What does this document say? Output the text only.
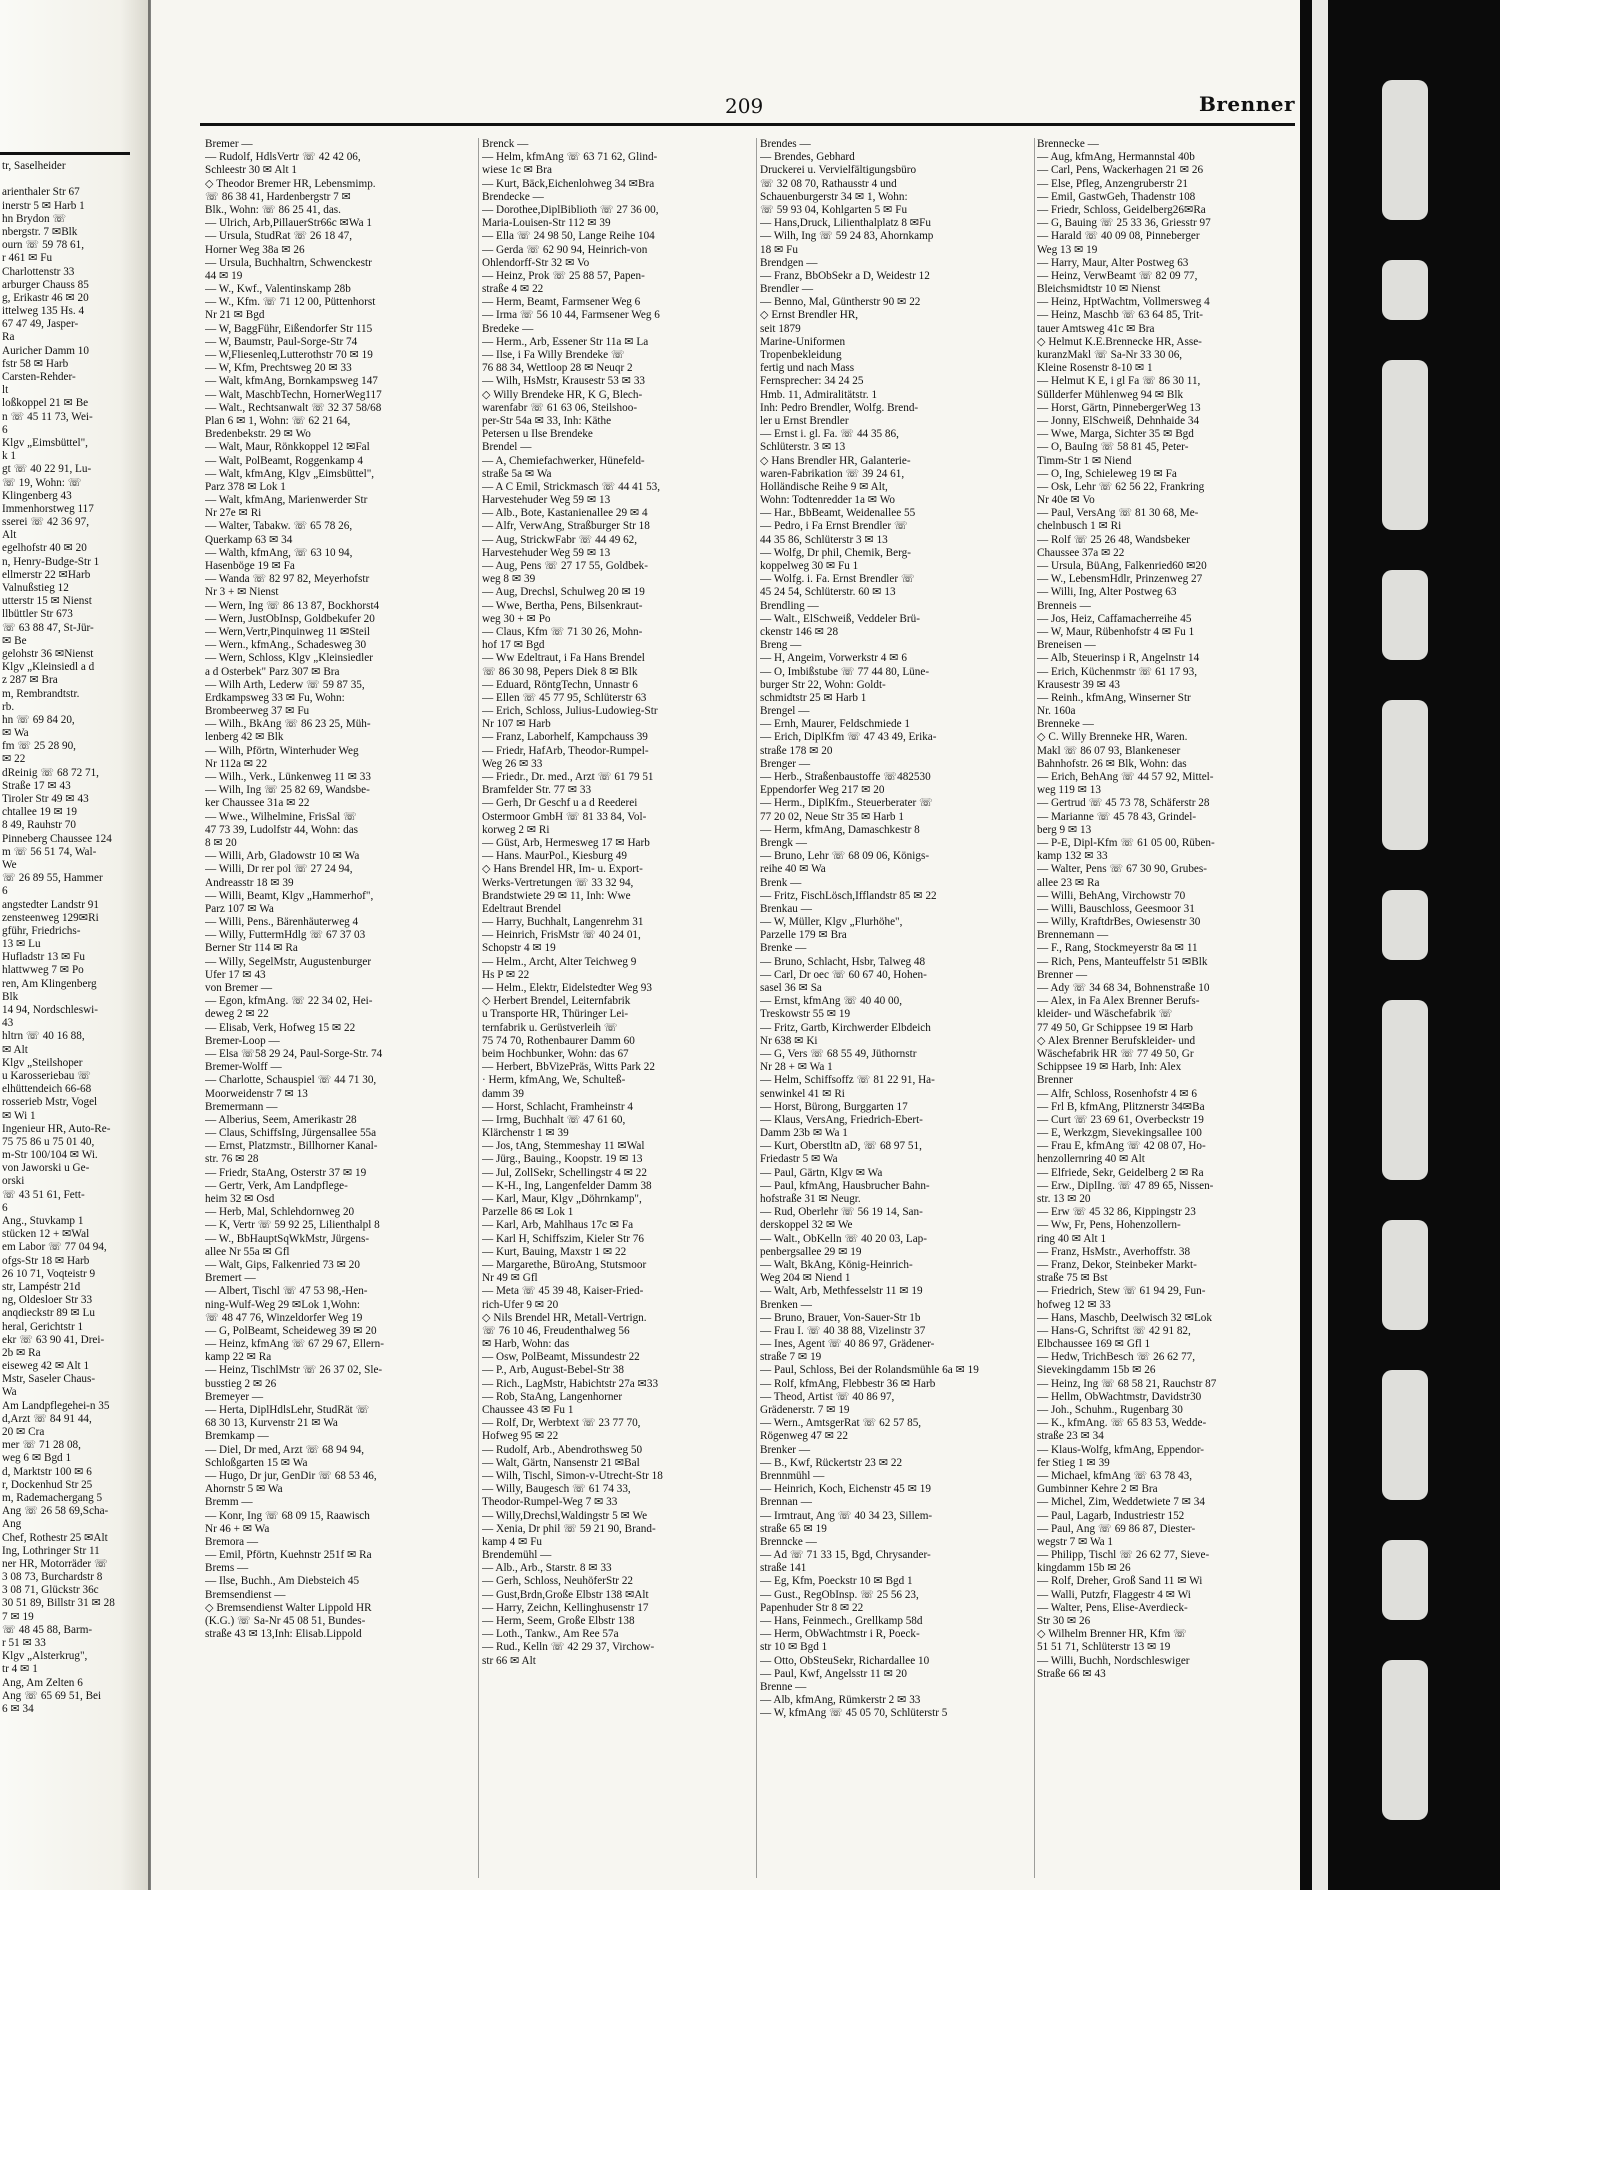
209	Brenner
tr, Saselheider
arienthaler Str 67
inerstr 5 ✉ Harb 1
hn Brydon ☏
nbergstr. 7 ✉Blk
ourn ☏ 59 78 61,
r 461 ✉ Fu
Charlottenstr 33
arburger Chauss 85
g, Erikastr 46 ✉ 20
ittelweg 135 Hs. 4
67 47 49, Jasper-
Ra
Auricher Damm 10
fstr 58 ✉ Harb
Carsten-Rehder-
lt
loßkoppel 21 ✉ Be
n ☏ 45 11 73, Wei-
6
Klgv „Eimsbüttel",
k 1
gt ☏ 40 22 91, Lu-
☏ 19, Wohn: ☏
Klingenberg 43
Immenhorstweg 117
sserei ☏ 42 36 97,
Alt
egelhofstr 40 ✉ 20
n, Henry-Budge-Str 1
ellmerstr 22 ✉Harb
Valnußstieg 12
utterstr 15 ✉ Nienst
llbüttler Str 673
☏ 63 88 47, St-Jür-
✉ Be
gelohstr 36 ✉Nienst
Klgv „Kleinsiedl a d
z 287 ✉ Bra
m, Rembrandtstr.
rb.
hn ☏ 69 84 20,
✉ Wa
fm ☏ 25 28 90,
✉ 22
dReinig ☏ 68 72 71,
Straße 17 ✉ 43
Tiroler Str 49 ✉ 43
chtallee 19 ✉ 19
8 49, Rauhstr 70
Pinneberg Chaussee 124
m ☏ 56 51 74, Wal-
We
☏ 26 89 55, Hammer
6
angstedter Landstr 91
zensteenweg 129✉Ri
gführ, Friedrichs-
13 ✉ Lu
Hufladstr 13 ✉ Fu
hlattwweg 7 ✉ Po
ren, Am Klingenberg
Blk
14 94, Nordschleswi-
43
hltrn ☏ 40 16 88,
✉ Alt
Klgv „Steilshoper
u Karosseriebau ☏
elhüttendeich 66-68
rosserieb Mstr, Vogel
✉ Wi 1
Ingenieur HR, Auto-Re-
75 75 86 u 75 01 40,
m-Str 100/104 ✉ Wi.
von Jaworski u Ge-
orski
☏ 43 51 61, Fett-
6
Ang., Stuvkamp 1
stücken 12 + ✉Wal
em Labor ☏ 77 04 94,
ofgs-Str 18 ✉ Harb
26 10 71, Voqteistr 9
str, Lampéstr 21d
ng, Oldesloer Str 33
anqdieckstr 89 ✉ Lu
heral, Gerichtstr 1
ekr ☏ 63 90 41, Drei-
2b ✉ Ra
eiseweg 42 ✉ Alt 1
Mstr, Saseler Chaus-
Wa
Am Landpflegehei-n 35
d,Arzt ☏ 84 91 44,
20 ✉ Cra
mer ☏ 71 28 08,
weg 6 ✉ Bgd 1
d, Marktstr 100 ✉ 6
r, Dockenhud Str 25
m, Rademachergang 5
Ang ☏ 26 58 69,Scha-
Ang
Chef, Rothestr 25 ✉Alt
Ing, Lothringer Str 11
ner HR, Motorräder ☏
3 08 73, Burchardstr 8
3 08 71, Glückstr 36c
30 51 89, Billstr 31 ✉ 28
7 ✉ 19
☏ 48 45 88, Barm-
r 51 ✉ 33
Klgv „Alsterkrug",
tr 4 ✉ 1
Ang, Am Zelten 6
Ang ☏ 65 69 51, Bei
6 ✉ 34
Bremer —
— Rudolf, HdlsVertr ☏ 42 42 06,
Schleestr 30 ✉ Alt 1
◇ Theodor Bremer HR, Lebensmimp.
☏ 86 38 41, Hardenbergstr 7 ✉
Blk., Wohn: ☏ 86 25 41, das.
— Ulrich, Arb,PillauerStr66c ✉Wa 1
— Ursula, StudRat ☏ 26 18 47,
Horner Weg 38a ✉ 26
— Ursula, Buchhaltrn, Schwenckestr
44 ✉ 19
— W., Kwf., Valentinskamp 28b
— W., Kfm. ☏ 71 12 00, Püttenhorst
Nr 21 ✉ Bgd
— W, BaggFühr, Eißendorfer Str 115
— W, Baumstr, Paul-Sorge-Str 74
— W,Fliesenleq,Lutterothstr 70 ✉ 19
— W, Kfm, Prechtsweg 20 ✉ 33
— Walt, kfmAng, Bornkampsweg 147
— Walt, MaschbTechn, HornerWeg117
— Walt., Rechtsanwalt ☏ 32 37 58/68
Plan 6 ✉ 1, Wohn: ☏ 62 21 64,
Bredenbekstr. 29 ✉ Wo
— Walt, Maur, Rönkkoppel 12 ✉Fal
— Walt, PolBeamt, Roggenkamp 4
— Walt, kfmAng, Klgv „Eimsbüttel",
Parz 378 ✉ Lok 1
— Walt, kfmAng, Marienwerder Str
Nr 27e ✉ Ri
— Walter, Tabakw. ☏ 65 78 26,
Querkamp 63 ✉ 34
— Walth, kfmAng, ☏ 63 10 94,
Hasenböge 19 ✉ Fa
— Wanda ☏ 82 97 82, Meyerhofstr
Nr 3 + ✉ Nienst
— Wern, Ing ☏ 86 13 87, Bockhorst4
— Wern, JustObInsp, Goldbekufer 20
— Wern,Vertr,Pinquinweg 11 ✉Steil
— Wern., kfmAng., Schadesweg 30
— Wern, Schloss, Klgv „Kleinsiedler
a d Osterbek" Parz 307 ✉ Bra
— Wilh Arth, Lederw ☏ 59 87 35,
Erdkampsweg 33 ✉ Fu, Wohn:
Brombeerweg 37 ✉ Fu
— Wilh., BkAng ☏ 86 23 25, Müh-
lenberg 42 ✉ Blk
— Wilh, Pförtn, Winterhuder Weg
Nr 112a ✉ 22
— Wilh., Verk., Lünkenweg 11 ✉ 33
— Wilh, Ing ☏ 25 82 69, Wandsbe-
ker Chaussee 31a ✉ 22
— Wwe., Wilhelmine, FrisSal ☏
47 73 39, Ludolfstr 44, Wohn: das
8 ✉ 20
— Willi, Arb, Gladowstr 10 ✉ Wa
— Willi, Dr rer pol ☏ 27 24 94,
Andreasstr 18 ✉ 39
— Willi, Beamt, Klgv „Hammerhof",
Parz 107 ✉ Wa
— Willi, Pens., Bärenhäuterweg 4
— Willy, FuttermHdlg ☏ 67 37 03
Berner Str 114 ✉ Ra
— Willy, SegelMstr, Augustenburger
Ufer 17 ✉ 43
von Bremer —
— Egon, kfmAng. ☏ 22 34 02, Hei-
deweg 2 ✉ 22
— Elisab, Verk, Hofweg 15 ✉ 22
Bremer-Loop —
— Elsa ☏58 29 24, Paul-Sorge-Str. 74
Bremer-Wolff —
— Charlotte, Schauspiel ☏ 44 71 30,
Moorweidenstr 7 ✉ 13
Bremermann —
— Alberius, Seem, Amerikastr 28
— Claus, SchiffsIng, Jürgensallee 55a
— Ernst, Platzmstr., Billhorner Kanal-
str. 76 ✉ 28
— Friedr, StaAng, Osterstr 37 ✉ 19
— Gertr, Verk, Am Landpflege-
heim 32 ✉ Osd
— Herb, Mal, Schlehdornweg 20
— K, Vertr ☏ 59 92 25, Lilienthalpl 8
— W., BbHauptSqWkMstr, Jürgens-
allee Nr 55a ✉ Gfl
— Walt, Gips, Falkenried 73 ✉ 20
Bremert —
— Albert, Tischl ☏ 47 53 98,-Hen-
ning-Wulf-Weg 29 ✉Lok 1,Wohn:
☏ 48 47 76, Winzeldorfer Weg 19
— G, PolBeamt, Scheideweg 39 ✉ 20
— Heinz, kfmAng ☏ 67 29 67, Ellern-
kamp 22 ✉ Ra
— Heinz, TischlMstr ☏ 26 37 02, Sle-
busstieg 2 ✉ 26
Bremeyer —
— Herta, DiplHdlsLehr, StudRät ☏
68 30 13, Kurvenstr 21 ✉ Wa
Bremkamp —
— Diel, Dr med, Arzt ☏ 68 94 94,
Schloßgarten 15 ✉ Wa
— Hugo, Dr jur, GenDir ☏ 68 53 46,
Ahornstr 5 ✉ Wa
Bremm —
— Konr, Ing ☏ 68 09 15, Raawisch
Nr 46 + ✉ Wa
Bremora —
— Emil, Pförtn, Kuehnstr 251f ✉ Ra
Brems —
— Ilse, Buchh., Am Diebsteich 45
Bremsendienst —
◇ Bremsendienst Walter Lippold HR
(K.G.) ☏ Sa-Nr 45 08 51, Bundes-
straße 43 ✉ 13,Inh: Elisab.Lippold
Brenck —
— Helm, kfmAng ☏ 63 71 62, Glind-
wiese 1c ✉ Bra
— Kurt, Bäck,Eichenlohweg 34 ✉Bra
Brendecke —
— Dorothee,DiplBiblioth ☏ 27 36 00,
Maria-Louisen-Str 112 ✉ 39
— Ella ☏ 24 98 50, Lange Reihe 104
— Gerda ☏ 62 90 94, Heinrich-von
Ohlendorff-Str 32 ✉ Vo
— Heinz, Prok ☏ 25 88 57, Papen-
straße 4 ✉ 22
— Herm, Beamt, Farmsener Weg 6
— Irma ☏ 56 10 44, Farmsener Weg 6
Bredeke —
— Herm., Arb, Essener Str 11a ✉ La
— Ilse, i Fa Willy Brendeke ☏
76 88 34, Wettloop 28 ✉ Neuqr 2
— Wilh, HsMstr, Krausestr 53 ✉ 33
◇ Willy Brendeke HR, K G, Blech-
warenfabr ☏ 61 63 06, Steilshoo-
per-Str 54a ✉ 33, Inh: Käthe
Petersen u Ilse Brendeke
Brendel —
— A, Chemiefachwerker, Hünefeld-
straße 5a ✉ Wa
— A C Emil, Strickmasch ☏ 44 41 53,
Harvestehuder Weg 59 ✉ 13
— Alb., Bote, Kastanienallee 29 ✉ 4
— Alfr, VerwAng, Straßburger Str 18
— Aug, StrickwFabr ☏ 44 49 62,
Harvestehuder Weg 59 ✉ 13
— Aug, Pens ☏ 27 17 55, Goldbek-
weg 8 ✉ 39
— Aug, Drechsl, Schulweg 20 ✉ 19
— Wwe, Bertha, Pens, Bilsenkraut-
weg 30 + ✉ Po
— Claus, Kfm ☏ 71 30 26, Mohn-
hof 17 ✉ Bgd
— Ww Edeltraut, i Fa Hans Brendel
☏ 86 30 98, Pepers Diek 8 ✉ Blk
— Eduard, RöntgTechn, Unnastr 6
— Ellen ☏ 45 77 95, Schlüterstr 63
— Erich, Schloss, Julius-Ludowieg-Str
Nr 107 ✉ Harb
— Franz, Laborhelf, Kampchauss 39
— Friedr, HafArb, Theodor-Rumpel-
Weg 26 ✉ 33
— Friedr., Dr. med., Arzt ☏ 61 79 51
Bramfelder Str. 77 ✉ 33
— Gerh, Dr Geschf u a d Reederei
Ostermoor GmbH ☏ 81 33 84, Vol-
korweg 2 ✉ Ri
— Güst, Arb, Hermesweg 17 ✉ Harb
— Hans. MaurPol., Kiesburg 49
◇ Hans Brendel HR, Im- u. Export-
Werks-Vertretungen ☏ 33 32 94,
Brandstwiete 29 ✉ 11, Inh: Wwe
Edeltraut Brendel
— Harry, Buchhalt, Langenrehm 31
— Heinrich, FrisMstr ☏ 40 24 01,
Schopstr 4 ✉ 19
— Helm., Archt, Alter Teichweg 9
Hs P ✉ 22
— Helm., Elektr, Eidelstedter Weg 93
◇ Herbert Brendel, Leiternfabrik
u Transporte HR, Thüringer Lei-
ternfabrik u. Gerüstverleih ☏
75 74 70, Rothenbaurer Damm 60
beim Hochbunker, Wohn: das 67
— Herbert, BbVizePräs, Witts Park 22
· Herm, kfmAng, We, Schulteß-
damm 39
— Horst, Schlacht, Framheinstr 4
— Irmg, Buchhalt ☏ 47 61 60,
Klärchenstr 1 ✉ 39
— Jos, tAng, Stemmeshay 11 ✉Wal
— Jürg., Bauing., Koopstr. 19 ✉ 13
— Jul, ZollSekr, Schellingstr 4 ✉ 22
— K-H., Ing, Langenfelder Damm 38
— Karl, Maur, Klgv „Döhrnkamp",
Parzelle 86 ✉ Lok 1
— Karl, Arb, Mahlhaus 17c ✉ Fa
— Karl H, Schiffszim, Kieler Str 76
— Kurt, Bauing, Maxstr 1 ✉ 22
— Margarethe, BüroAng, Stutsmoor
Nr 49 ✉ Gfl
— Meta ☏ 45 39 48, Kaiser-Fried-
rich-Ufer 9 ✉ 20
◇ Nils Brendel HR, Metall-Vertrign.
☏ 76 10 46, Freudenthalweg 56
✉ Harb, Wohn: das
— Osw, PolBeamt, Missundestr 22
— P., Arb, August-Bebel-Str 38
— Rich., LagMstr, Habichtstr 27a ✉33
— Rob, StaAng, Langenhorner
Chaussee 43 ✉ Fu 1
— Rolf, Dr, Werbtext ☏ 23 77 70,
Hofweg 95 ✉ 22
— Rudolf, Arb., Abendrothsweg 50
— Walt, Gärtn, Nansenstr 21 ✉Bal
— Wilh, Tischl, Simon-v-Utrecht-Str 18
— Willy, Baugesch ☏ 61 74 33,
Theodor-Rumpel-Weg 7 ✉ 33
— Willy,Drechsl,Waldingstr 5 ✉ We
— Xenia, Dr phil ☏ 59 21 90, Brand-
kamp 4 ✉ Fu
Brendemühl —
— Alb., Arb., Starstr. 8 ✉ 33
— Gerh, Schloss, NeuhöferStr 22
— Gust,Brdn,Große Elbstr 138 ✉Alt
— Harry, Zeichn, Kellinghusenstr 17
— Herm, Seem, Große Elbstr 138
— Loth., Tankw., Am Ree 57a
— Rud., Kelln ☏ 42 29 37, Virchow-
str 66 ✉ Alt
Brendes —
— Brendes, Gebhard
Druckerei u. Vervielfältigungsbüro
☏ 32 08 70, Rathausstr 4 und
Schauenburgerstr 34 ✉ 1, Wohn:
☏ 59 93 04, Kohlgarten 5 ✉ Fu
— Hans,Druck, Lilienthalplatz 8 ✉Fu
— Wilh, Ing ☏ 59 24 83, Ahornkamp
18 ✉ Fu
Brendgen —
— Franz, BbObSekr a D, Weidestr 12
Brendler —
— Benno, Mal, Güntherstr 90 ✉ 22
◇ Ernst Brendler HR,
seit 1879
Marine-Uniformen
Tropenbekleidung
fertig und nach Mass
Fernsprecher: 34 24 25
Hmb. 11, Admiralitätstr. 1
Inh: Pedro Brendler, Wolfg. Brend-
ler u Ernst Brendler
— Ernst i. gl. Fa. ☏ 44 35 86,
Schlüterstr. 3 ✉ 13
◇ Hans Brendler HR, Galanterie-
waren-Fabrikation ☏ 39 24 61,
Holländische Reihe 9 ✉ Alt,
Wohn: Todtenredder 1a ✉ Wo
— Har., BbBeamt, Weidenallee 55
— Pedro, i Fa Ernst Brendler ☏
44 35 86, Schlüterstr 3 ✉ 13
— Wolfg, Dr phil, Chemik, Berg-
koppelweg 30 ✉ Fu 1
— Wolfg. i. Fa. Ernst Brendler ☏
45 24 54, Schlüterstr. 60 ✉ 13
Brendling —
— Walt., ElSchweiß, Veddeler Brü-
ckenstr 146 ✉ 28
Breng —
— H, Angeim, Vorwerkstr 4 ✉ 6
— O, Imbißstube ☏ 77 44 80, Lüne-
burger Str 22, Wohn: Goldt-
schmidtstr 25 ✉ Harb 1
Brengel —
— Ernh, Maurer, Feldschmiede 1
— Erich, DiplKfm ☏ 47 43 49, Erika-
straße 178 ✉ 20
Brenger —
— Herb., Straßenbaustoffe ☏482530
Eppendorfer Weg 217 ✉ 20
— Herm., DiplKfm., Steuerberater ☏
77 20 02, Neue Str 35 ✉ Harb 1
— Herm, kfmAng, Damaschkestr 8
Brengk —
— Bruno, Lehr ☏ 68 09 06, Königs-
reihe 40 ✉ Wa
Brenk —
— Fritz, FischLösch,Ifflandstr 85 ✉ 22
Brenkau —
— W, Müller, Klgv „Flurhöhe",
Parzelle 179 ✉ Bra
Brenke —
— Bruno, Schlacht, Hsbr, Talweg 48
— Carl, Dr oec ☏ 60 67 40, Hohen-
sasel 36 ✉ Sa
— Ernst, kfmAng ☏ 40 40 00,
Treskowstr 55 ✉ 19
— Fritz, Gartb, Kirchwerder Elbdeich
Nr 638 ✉ Ki
— G, Vers ☏ 68 55 49, Jüthornstr
Nr 28 + ✉ Wa 1
— Helm, Schiffsoffz ☏ 81 22 91, Ha-
senwinkel 41 ✉ Ri
— Horst, Bürong, Burggarten 17
— Klaus, VersAng, Friedrich-Ebert-
Damm 23b ✉ Wa 1
— Kurt, Oberstltn aD, ☏ 68 97 51,
Friedastr 5 ✉ Wa
— Paul, Gärtn, Klgv ✉ Wa
— Paul, kfmAng, Hausbrucher Bahn-
hofstraße 31 ✉ Neugr.
— Rud, Oberlehr ☏ 56 19 14, San-
derskoppel 32 ✉ We
— Walt., ObKelln ☏ 40 20 03, Lap-
penbergsallee 29 ✉ 19
— Walt, BkAng, König-Heinrich-
Weg 204 ✉ Niend 1
— Walt, Arb, Methfesselstr 11 ✉ 19
Brenken —
— Bruno, Brauer, Von-Sauer-Str 1b
— Frau I. ☏ 40 38 88, Vizelinstr 37
— Ines, Agent ☏ 40 86 97, Grädener-
straße 7 ✉ 19
— Paul, Schloss, Bei der Rolandsmühle 6a ✉ 19
— Rolf, kfmAng, Flebbestr 36 ✉ Harb
— Theod, Artist ☏ 40 86 97,
Grädenerstr. 7 ✉ 19
— Wern., AmtsgerRat ☏ 62 57 85,
Rögenweg 47 ✉ 22
Brenker —
— B., Kwf, Rückertstr 23 ✉ 22
Brennmühl —
— Heinrich, Koch, Eichenstr 45 ✉ 19
Brennan —
— Irmtraut, Ang ☏ 40 34 23, Sillem-
straße 65 ✉ 19
Brenncke —
— Ad ☏ 71 33 15, Bgd, Chrysander-
straße 141
— Eg, Kfm, Poeckstr 10 ✉ Bgd 1
— Gust., RegObInsp. ☏ 25 56 23,
Papenhuder Str 8 ✉ 22
— Hans, Feinmech., Grellkamp 58d
— Herm, ObWachtmstr i R, Poeck-
str 10 ✉ Bgd 1
— Otto, ObSteuSekr, Richardallee 10
— Paul, Kwf, Angelsstr 11 ✉ 20
Brenne —
— Alb, kfmAng, Rümkerstr 2 ✉ 33
— W, kfmAng ☏ 45 05 70, Schlüterstr 5
Brennecke —
— Aug, kfmAng, Hermannstal 40b
— Carl, Pens, Wackerhagen 21 ✉ 26
— Else, Pfleg, Anzengruberstr 21
— Emil, GastwGeh, Thadenstr 108
— Friedr, Schloss, Geidelberg26✉Ra
— G, Bauing ☏ 25 33 36, Griesstr 97
— Harald ☏ 40 09 08, Pinneberger
Weg 13 ✉ 19
— Harry, Maur, Alter Postweg 63
— Heinz, VerwBeamt ☏ 82 09 77,
Bleichsmidtstr 10 ✉ Nienst
— Heinz, HptWachtm, Vollmersweg 4
— Heinz, Maschb ☏ 63 64 85, Trit-
tauer Amtsweg 41c ✉ Bra
◇ Helmut K.E.Brennecke HR, Asse-
kuranzMakl ☏ Sa-Nr 33 30 06,
Kleine Rosenstr 8-10 ✉ 1
— Helmut K E, i gl Fa ☏ 86 30 11,
Süllderfer Mühlenweg 94 ✉ Blk
— Horst, Gärtn, PinnebergerWeg 13
— Jonny, ElSchweiß, Dehnhaide 34
— Wwe, Marga, Sichter 35 ✉ Bgd
— O, BauIng ☏ 58 81 45, Peter-
Timm-Str 1 ✉ Niend
— O, Ing, Schieleweg 19 ✉ Fa
— Osk, Lehr ☏ 62 56 22, Frankring
Nr 40e ✉ Vo
— Paul, VersAng ☏ 81 30 68, Me-
chelnbusch 1 ✉ Ri
— Rolf ☏ 25 26 48, Wandsbeker
Chaussee 37a ✉ 22
— Ursula, BüAng, Falkenried60 ✉20
— W., LebensmHdlr, Prinzenweg 27
— Willi, Ing, Alter Postweg 63
Brenneis —
— Jos, Heiz, Caffamacherreihe 45
— W, Maur, Rübenhofstr 4 ✉ Fu 1
Breneisen —
— Alb, Steuerinsp i R, Angelnstr 14
— Erich, Küchenmstr ☏ 61 17 93,
Krausestr 39 ✉ 43
— Reinh., kfmAng, Winserner Str
Nr. 160a
Brenneke —
◇ C. Willy Brenneke HR, Waren.
Makl ☏ 86 07 93, Blankeneser
Bahnhofstr. 26 ✉ Blk, Wohn: das
— Erich, BehAng ☏ 44 57 92, Mittel-
weg 119 ✉ 13
— Gertrud ☏ 45 73 78, Schäferstr 28
— Marianne ☏ 45 78 43, Grindel-
berg 9 ✉ 13
— P-E, Dipl-Kfm ☏ 61 05 00, Rüben-
kamp 132 ✉ 33
— Walter, Pens ☏ 67 30 90, Grubes-
allee 23 ✉ Ra
— Willi, BehAng, Virchowstr 70
— Willi, Bauschloss, Geesmoor 31
— Willy, KraftdrBes, Owiesenstr 30
Brennemann —
— F., Rang, Stockmeyerstr 8a ✉ 11
— Rich, Pens, Manteuffelstr 51 ✉Blk
Brenner —
— Ady ☏ 34 68 34, Bohnenstraße 10
— Alex, in Fa Alex Brenner Berufs-
kleider- und Wäschefabrik ☏
77 49 50, Gr Schippsee 19 ✉ Harb
◇ Alex Brenner Berufskleider- und
Wäschefabrik HR ☏ 77 49 50, Gr
Schippsee 19 ✉ Harb, Inh: Alex
Brenner
— Alfr, Schloss, Rosenhofstr 4 ✉ 6
— Frl B, kfmAng, Plitznerstr 34✉Ba
— Curt ☏ 23 69 61, Overbeckstr 19
— E, Werkzgm, Sievekingsallee 100
— Frau E, kfmAng ☏ 42 08 07, Ho-
henzollernring 40 ✉ Alt
— Elfriede, Sekr, Geidelberg 2 ✉ Ra
— Erw., DiplIng. ☏ 47 89 65, Nissen-
str. 13 ✉ 20
— Erw ☏ 45 32 86, Kippingstr 23
— Ww, Fr, Pens, Hohenzollern-
ring 40 ✉ Alt 1
— Franz, HsMstr., Averhoffstr. 38
— Franz, Dekor, Steinbeker Markt-
straße 75 ✉ Bst
— Friedrich, Stew ☏ 61 94 29, Fun-
hofweg 12 ✉ 33
— Hans, Maschb, Deelwisch 32 ✉Lok
— Hans-G, Schriftst ☏ 42 91 82,
Elbchaussee 169 ✉ Gfl 1
— Hedw, TrichBesch ☏ 26 62 77,
Sievekingdamm 15b ✉ 26
— Heinz, Ing ☏ 68 58 21, Rauchstr 87
— Hellm, ObWachtmstr, Davidstr30
— Joh., Schuhm., Rugenbarg 30
— K., kfmAng. ☏ 65 83 53, Wedde-
straße 23 ✉ 34
— Klaus-Wolfg, kfmAng, Eppendor-
fer Stieg 1 ✉ 39
— Michael, kfmAng ☏ 63 78 43,
Gumbinner Kehre 2 ✉ Bra
— Michel, Zim, Weddetwiete 7 ✉ 34
— Paul, Lagarb, Industriestr 152
— Paul, Ang ☏ 69 86 87, Diester-
wegstr 7 ✉ Wa 1
— Philipp, Tischl ☏ 26 62 77, Sieve-
kingdamm 15b ✉ 26
— Rolf, Dreher, Groß Sand 11 ✉ Wi
— Walli, Putzfr, Flaggestr 4 ✉ Wi
— Walter, Pens, Elise-Averdieck-
Str 30 ✉ 26
◇ Wilhelm Brenner HR, Kfm ☏
51 51 71, Schlüterstr 13 ✉ 19
— Willi, Buchh, Nordschleswiger
Straße 66 ✉ 43
